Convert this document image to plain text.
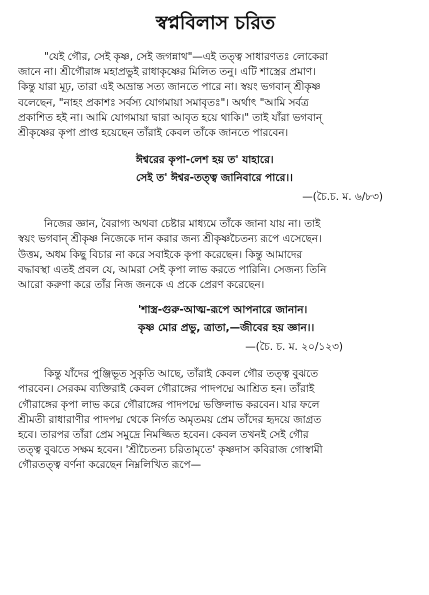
স্বপ্নবিলাস চরিত
"যেই গৌর, সেই কৃষ্ণ, সেই জগন্নাথ"—এই তত্ত্ব সাধারণতঃ লোকেরা
জানে না। শ্রীগৌরাঙ্গ মহাপ্রভুই রাধাকৃষ্ণের মিলিত তনু। এটি শাস্ত্রের প্রমাণ।
কিন্তু যারা মূঢ়, তারা এই অভ্রান্ত সত্য জানতে পারে না। স্বয়ং ভগবান্ শ্রীকৃষ্ণ
বলেছেন, "নাহং প্রকাশঃ সর্বস্য যোগমায়া সমাবৃতঃ"। অর্থাৎ "আমি সর্বত্র
প্রকাশিত হই না। আমি যোগমায়া দ্বারা আবৃত হয়ে থাকি।" তাই যাঁরা ভগবান্
শ্রীকৃষ্ণের কৃপা প্রাপ্ত হয়েছেন তাঁরাই কেবল তাঁকে জানতে পারবেন।
ঈশ্বরের কৃপা-লেশ হয় ত' যাহারে।
সেই ত' ঈশ্বর-তত্ত্ব জানিবারে পারে।।
—(চৈ.চ. ম. ৬/৮৩)
নিজের জ্ঞান, বৈরাগ্য অথবা চেষ্টার মাধ্যমে তাঁকে জানা যায় না। তাই
স্বয়ং ভগবান্ শ্রীকৃষ্ণ নিজেকে দান করার জন্য শ্রীকৃষ্ণচৈতন্য রূপে এসেছেন।
উত্তম, অধম কিছু বিচার না করে সবাইকে কৃপা করেছেন। কিন্তু আমাদের
বদ্ধাবস্থা এতই প্রবল যে, আমরা সেই কৃপা লাভ করতে পারিনি। সেজন্য তিনি
আরো করুণা করে তাঁর নিজ জনকে এ প্রকে প্রেরণ করেছেন।
'শাস্ত্র-গুরু-আত্ম-রূপে আপনারে জানান।
কৃষ্ণ মোর প্রভু, ত্রাতা,—জীবের হয় জ্ঞান।।
—(চৈ. চ. ম. ২০/১২৩)
কিন্তু যাঁদের পুঞ্জিভূত সুকৃতি আছে, তাঁরাই কেবল গৌর তত্ত্ব বুঝতে
পারবেন। সেরকম ব্যক্তিরাই কেবল গৌরাঙ্গের পাদপদ্মে আশ্রিত হন। তাঁরাই
গৌরাঙ্গের কৃপা লাভ করে গৌরাঙ্গের পাদপদ্মে ভক্তিলাভ করবেন। যার ফলে
শ্রীমতী রাধারাণীর পাদপদ্ম থেকে নির্গত অমৃতময় প্রেম তাঁদের হৃদয়ে জাগ্রত
হবে। তারপর তাঁরা প্রেম সমুদ্রে নিমজ্জিত হবেন। কেবল তখনই সেই গৌর
তত্ত্ব বুঝতে সক্ষম হবেন। 'শ্রীচৈতন্য চরিতামৃতে' কৃষ্ণদাস কবিরাজ গোস্বামী
গৌরতত্ত্ব বর্ণনা করেছেন নিম্নলিখিত রূপে—
